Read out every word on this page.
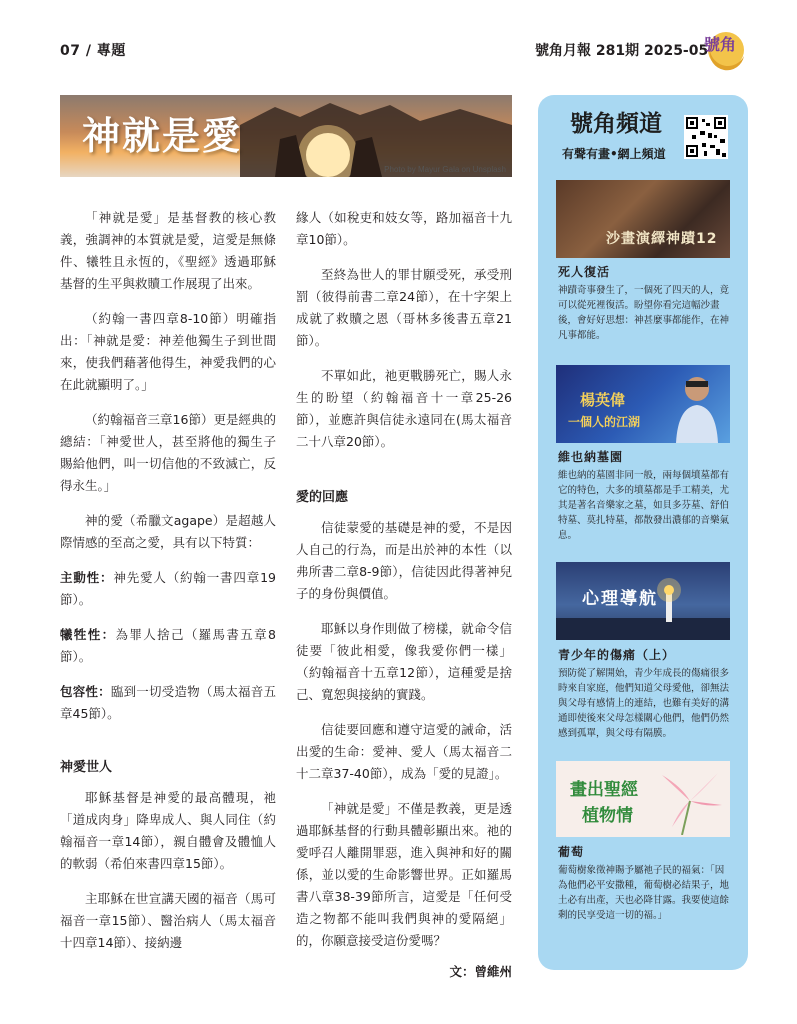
07 / 專題	號角月報 281期 2025-05
號角
神就是愛
Photo by Mayur Gala on Unsplash

「神就是愛」是基督教的核心教義，強調神的本質就是愛，這愛是無條件、犧牲且永恆的，《聖經》透過耶穌基督的生平與救贖工作展現了出來。

（約翰一書四章8-10節）明確指出：「神就是愛：神差他獨生子到世間來，使我們藉著他得生，神愛我們的心在此就顯明了。」

（約翰福音三章16節）更是經典的總結：「神愛世人，甚至將他的獨生子賜給他們，叫一切信他的不致滅亡，反得永生。」

神的愛（希臘文agape）是超越人際情感的至高之愛，具有以下特質：

主動性：神先愛人（約翰一書四章19節）。

犧牲性：為罪人捨己（羅馬書五章8節）。

包容性：臨到一切受造物（馬太福音五章45節）。

神愛世人

耶穌基督是神愛的最高體現，祂「道成肉身」降卑成人、與人同住（約翰福音一章14節），親自體會及體恤人的軟弱（希伯來書四章15節）。

主耶穌在世宣講天國的福音（馬可福音一章15節）、醫治病人（馬太福音十四章14節）、接納邊

緣人（如稅吏和妓女等，路加福音十九章10節）。

至終為世人的罪甘願受死，承受刑罰（彼得前書二章24節），在十字架上成就了救贖之恩（哥林多後書五章21節）。

不單如此，祂更戰勝死亡，賜人永生的盼望（約翰福音十一章25-26節），並應許與信徒永遠同在(馬太福音二十八章20節）。

愛的回應

信徒蒙愛的基礎是神的愛，不是因人自己的行為，而是出於神的本性（以弗所書二章8-9節），信徒因此得著神兒子的身份與價值。

耶穌以身作則做了榜樣，就命令信徒要「彼此相愛，像我愛你們一樣」（約翰福音十五章12節），這種愛是捨己、寬恕與接納的實踐。

信徒要回應和遵守這愛的誡命，活出愛的生命：愛神、愛人（馬太福音二十二章37-40節），成為「愛的見證」。

「神就是愛」不僅是教義，更是透過耶穌基督的行動具體彰顯出來。祂的愛呼召人離開罪惡，進入與神和好的關係，並以愛的生命影響世界。正如羅馬書八章38-39節所言，這愛是「任何受造之物都不能叫我們與神的愛隔絕」的，你願意接受這份愛嗎？

文：曾維州
號角頻道
有聲有畫•網上頻道
沙畫演繹神蹟12
死人復活
神蹟奇事發生了，一個死了四天的人，竟可以從死裡復活。盼望你看完這幅沙畫後，會好好思想：神甚麼事都能作，在神凡事都能。
楊英偉
一個人的江湖
維也納墓園
維也納的墓園非同一般，兩每個墳墓都有它的特色，大多的墳墓都是手工精美，尤其是著名音樂家之墓，如貝多芬墓、舒伯特墓、莫扎特墓，都散發出濃郁的音樂氣息。
心理導航
青少年的傷痛（上）
預防從了解開始，青少年成長的傷痛很多時來自家庭，他們知道父母愛他，卻無法與父母有感情上的連結，也難有美好的溝通即使後來父母怎樣關心他們，他們仍然感到孤單，與父母有隔膜。
畫出聖經
植物情
葡萄
葡萄樹象徵神賜予屬祂子民的福氣：「因為他們必平安撒種，葡萄樹必結果子，地土必有出產，天也必降甘露。我要使這餘剩的民享受這一切的福。」
